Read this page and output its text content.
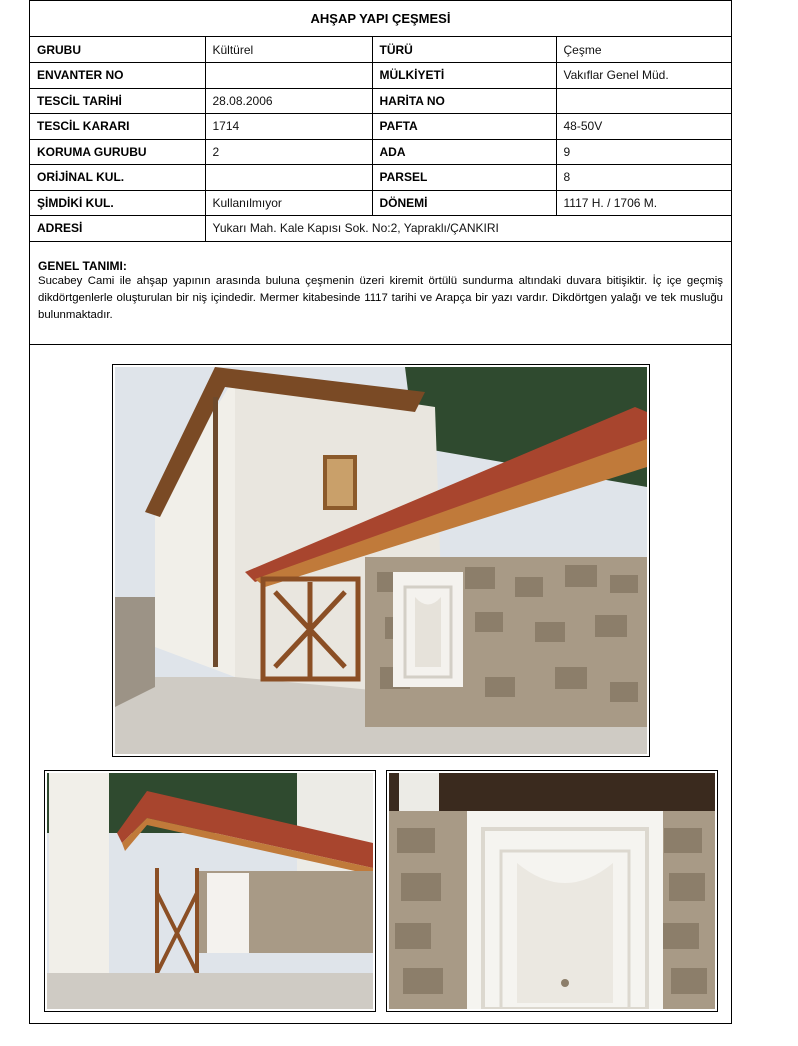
AHŞAP YAPI ÇEŞMESİ
GRUBU	Kültürel	TÜRÜ	Çeşme
ENVANTER NO		MÜLKİYETİ	Vakıflar Genel Müd.
TESCİL TARİHİ	28.08.2006	HARİTA NO	
TESCİL KARARI	1714	PAFTA	48-50V
KORUMA GURUBU	2	ADA	9
ORİJİNAL KUL.		PARSEL	8
ŞİMDİKİ KUL.	Kullanılmıyor	DÖNEMİ	1117 H. / 1706 M.
ADRESİ	Yukarı Mah. Kale Kapısı Sok. No:2, Yapraklı/ÇANKIRI		
GENEL TANIMI:
Sucabey Cami ile ahşap yapının arasında buluna çeşmenin üzeri kiremit örtülü sundurma altındaki duvara bitişiktir. İç içe geçmiş dikdörtgenlerle oluşturulan bir niş içindedir. Mermer kitabesinde 1117 tarihi ve Arapça bir yazı vardır. Dikdörtgen yalağı ve tek musluğu bulunmaktadır.
